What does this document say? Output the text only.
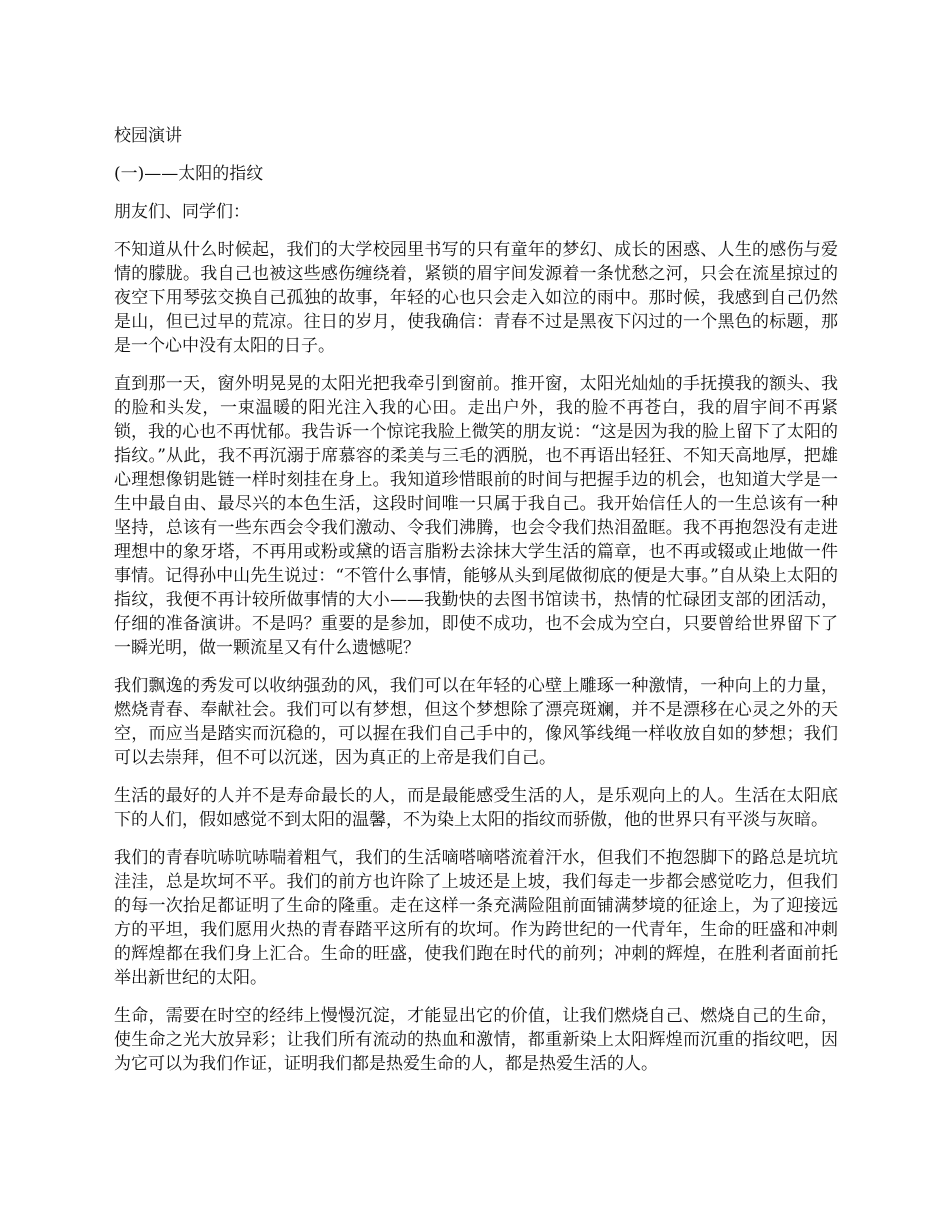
校园演讲

(一)——太阳的指纹

朋友们、同学们：

不知道从什么时候起，我们的大学校园里书写的只有童年的梦幻、成长的困惑、人生的感伤与爱情的朦胧。我自己也被这些感伤缠绕着，紧锁的眉宇间发源着一条忧愁之河，只会在流星掠过的夜空下用琴弦交换自己孤独的故事，年轻的心也只会走入如泣的雨中。那时候，我感到自己仍然是山，但已过早的荒凉。往日的岁月，使我确信：青春不过是黑夜下闪过的一个黑色的标题，那是一个心中没有太阳的日子。

直到那一天，窗外明晃晃的太阳光把我牵引到窗前。推开窗，太阳光灿灿的手抚摸我的额头、我的脸和头发，一束温暖的阳光注入我的心田。走出户外，我的脸不再苍白，我的眉宇间不再紧锁，我的心也不再忧郁。我告诉一个惊诧我脸上微笑的朋友说：“这是因为我的脸上留下了太阳的指纹。”从此，我不再沉溺于席慕容的柔美与三毛的洒脱，也不再语出轻狂、不知天高地厚，把雄心理想像钥匙链一样时刻挂在身上。我知道珍惜眼前的时间与把握手边的机会，也知道大学是一生中最自由、最尽兴的本色生活，这段时间唯一只属于我自己。我开始信任人的一生总该有一种坚持，总该有一些东西会令我们激动、令我们沸腾，也会令我们热泪盈眶。我不再抱怨没有走进理想中的象牙塔，不再用或粉或黛的语言脂粉去涂抹大学生活的篇章，也不再或辍或止地做一件事情。记得孙中山先生说过：“不管什么事情，能够从头到尾做彻底的便是大事。”自从染上太阳的指纹，我便不再计较所做事情的大小——我勤快的去图书馆读书，热情的忙碌团支部的团活动，仔细的准备演讲。不是吗？重要的是参加，即使不成功，也不会成为空白，只要曾给世界留下了一瞬光明，做一颗流星又有什么遗憾呢？

我们飘逸的秀发可以收纳强劲的风，我们可以在年轻的心壁上雕琢一种激情，一种向上的力量，燃烧青春、奉献社会。我们可以有梦想，但这个梦想除了漂亮斑斓，并不是漂移在心灵之外的天空，而应当是踏实而沉稳的，可以握在我们自己手中的，像风筝线绳一样收放自如的梦想；我们可以去崇拜，但不可以沉迷，因为真正的上帝是我们自己。

生活的最好的人并不是寿命最长的人，而是最能感受生活的人，是乐观向上的人。生活在太阳底下的人们，假如感觉不到太阳的温馨，不为染上太阳的指纹而骄傲，他的世界只有平淡与灰暗。

我们的青春吭哧吭哧喘着粗气，我们的生活嘀嗒嘀嗒流着汗水，但我们不抱怨脚下的路总是坑坑洼洼，总是坎坷不平。我们的前方也许除了上坡还是上坡，我们每走一步都会感觉吃力，但我们的每一次抬足都证明了生命的隆重。走在这样一条充满险阻前面铺满梦境的征途上，为了迎接远方的平坦，我们愿用火热的青春踏平这所有的坎坷。作为跨世纪的一代青年，生命的旺盛和冲刺的辉煌都在我们身上汇合。生命的旺盛，使我们跑在时代的前列；冲刺的辉煌，在胜利者面前托举出新世纪的太阳。

生命，需要在时空的经纬上慢慢沉淀，才能显出它的价值，让我们燃烧自己、燃烧自己的生命，使生命之光大放异彩；让我们所有流动的热血和激情，都重新染上太阳辉煌而沉重的指纹吧，因为它可以为我们作证，证明我们都是热爱生命的人，都是热爱生活的人。
